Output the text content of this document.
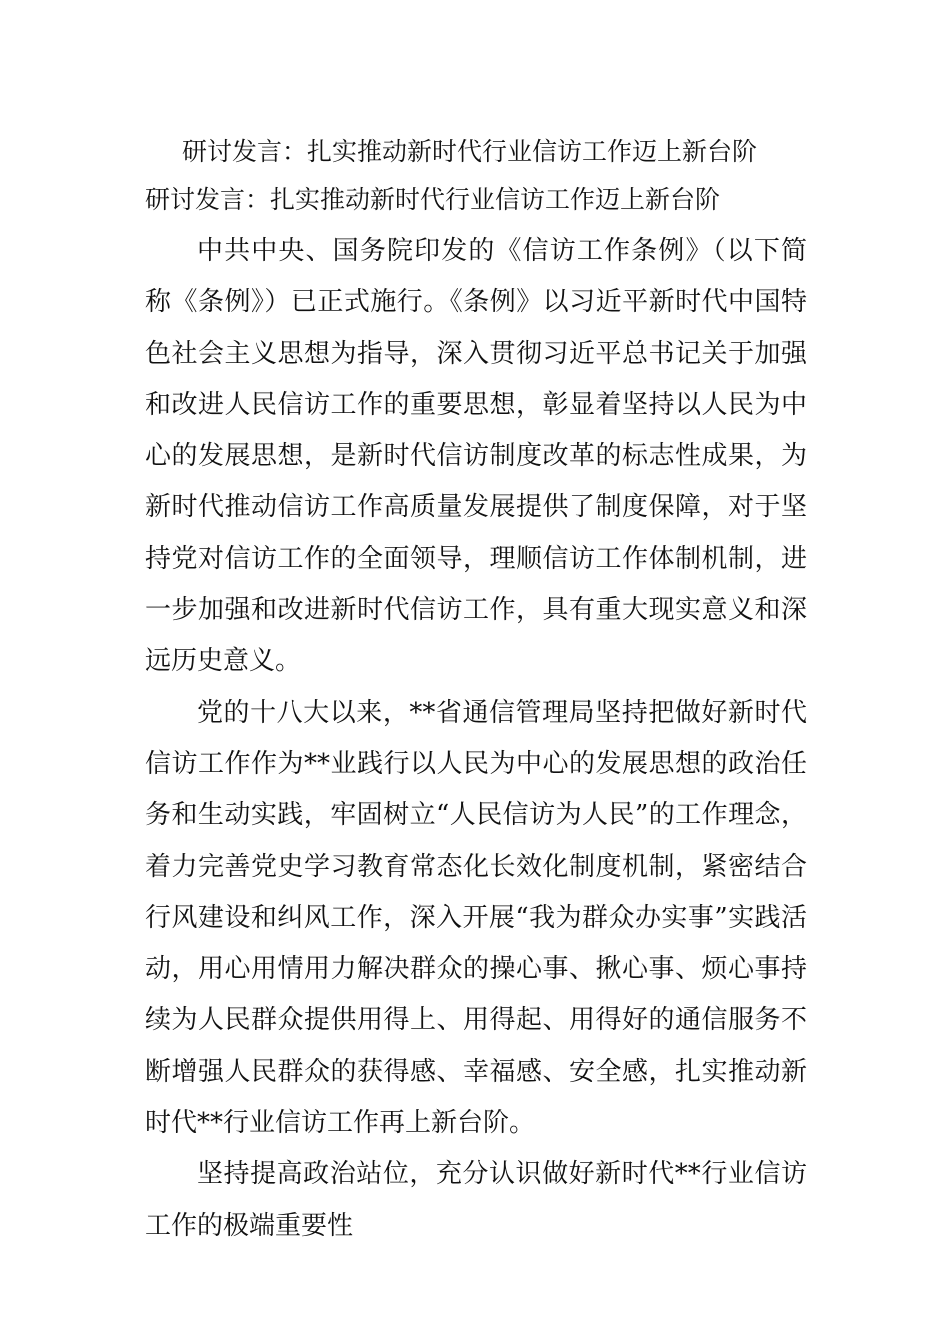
研讨发言：扎实推动新时代行业信访工作迈上新台阶
研讨发言：扎实推动新时代行业信访工作迈上新台阶

中共中央、国务院印发的《信访工作条例》（以下简称《条例》）已正式施行。《条例》以习近平新时代中国特色社会主义思想为指导，深入贯彻习近平总书记关于加强和改进人民信访工作的重要思想，彰显着坚持以人民为中心的发展思想，是新时代信访制度改革的标志性成果，为新时代推动信访工作高质量发展提供了制度保障，对于坚持党对信访工作的全面领导，理顺信访工作体制机制，进一步加强和改进新时代信访工作，具有重大现实意义和深远历史意义。

党的十八大以来，**省通信管理局坚持把做好新时代信访工作作为**业践行以人民为中心的发展思想的政治任务和生动实践，牢固树立“人民信访为人民”的工作理念，着力完善党史学习教育常态化长效化制度机制，紧密结合行风建设和纠风工作，深入开展“我为群众办实事”实践活动，用心用情用力解决群众的操心事、揪心事、烦心事持续为人民群众提供用得上、用得起、用得好的通信服务不断增强人民群众的获得感、幸福感、安全感，扎实推动新时代**行业信访工作再上新台阶。

坚持提高政治站位，充分认识做好新时代**行业信访工作的极端重要性
